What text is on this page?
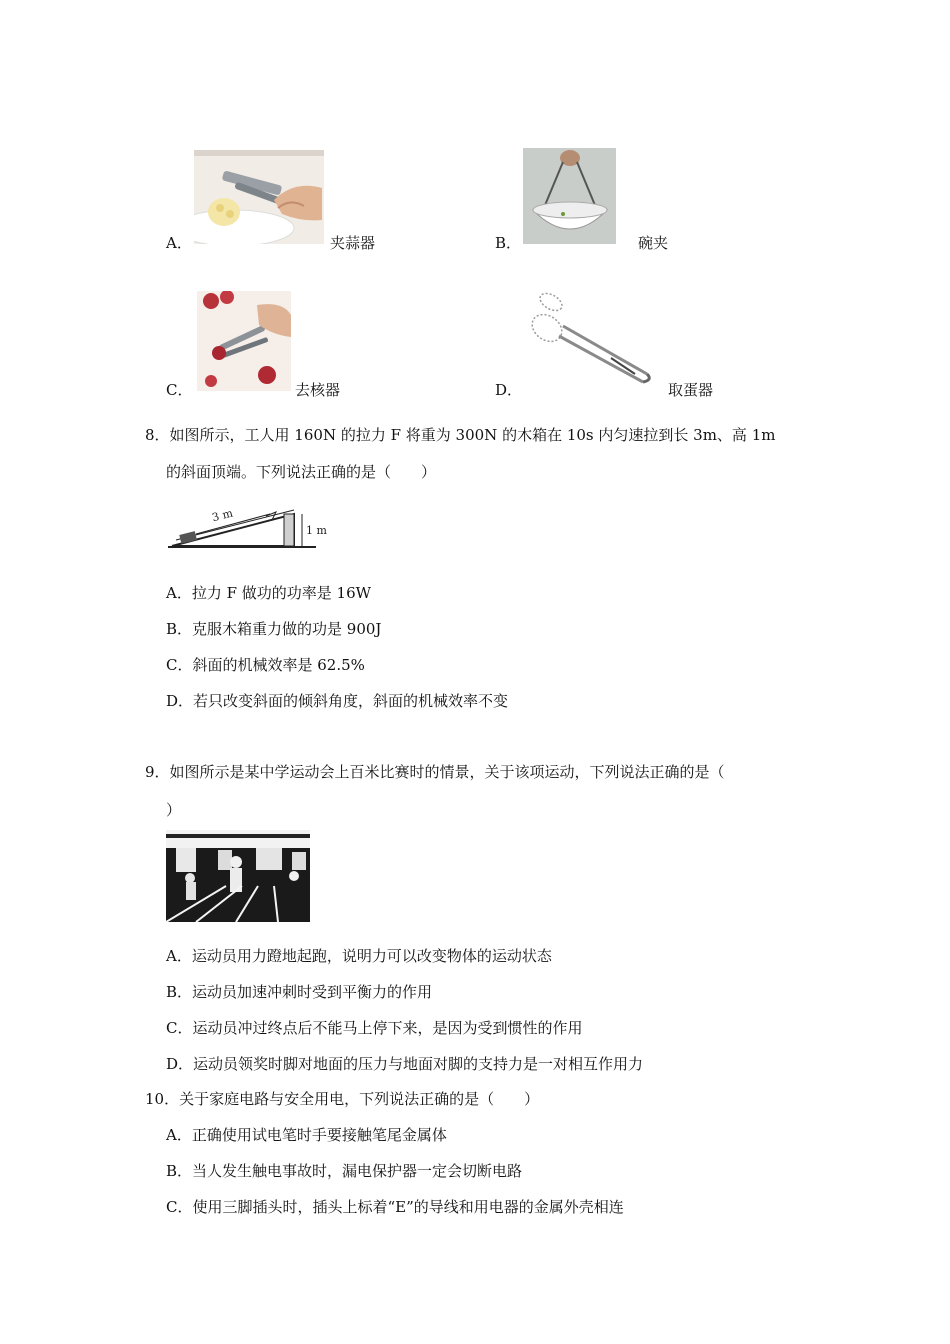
A．	夹蒜器	B．	碗夹
C．	去核器	D．	取蛋器
8．如图所示，工人用 160N 的拉力 F 将重为 300N 的木箱在 10s 内匀速拉到长 3m、高 1m
的斜面顶端。下列说法正确的是（　　）
3 m
1 m
A．拉力 F 做功的功率是 16W
B．克服木箱重力做的功是 900J
C．斜面的机械效率是 62.5%
D．若只改变斜面的倾斜角度，斜面的机械效率不变
9．如图所示是某中学运动会上百米比赛时的情景，关于该项运动，下列说法正确的是（
）
A．运动员用力蹬地起跑，说明力可以改变物体的运动状态
B．运动员加速冲刺时受到平衡力的作用
C．运动员冲过终点后不能马上停下来，是因为受到惯性的作用
D．运动员领奖时脚对地面的压力与地面对脚的支持力是一对相互作用力
10．关于家庭电路与安全用电，下列说法正确的是（　　）
A．正确使用试电笔时手要接触笔尾金属体
B．当人发生触电事故时，漏电保护器一定会切断电路
C．使用三脚插头时，插头上标着“E”的导线和用电器的金属外壳相连
